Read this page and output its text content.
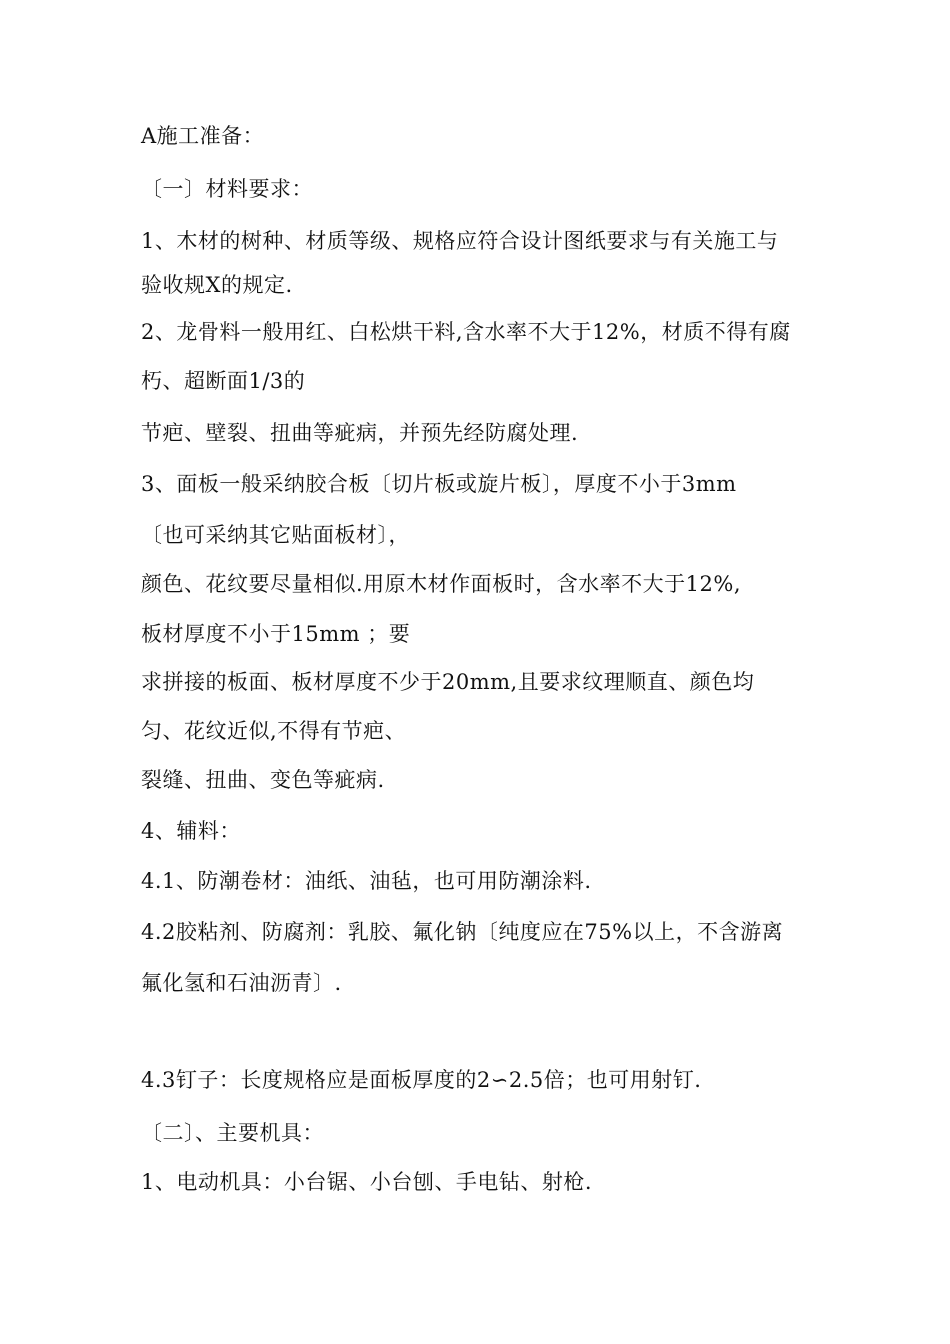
A施工准备：
〔一〕材料要求：
1、木材的树种、材质等级、规格应符合设计图纸要求与有关施工与
验收规X的规定.
2、龙骨料一般用红、白松烘干料,含水率不大于12%，材质不得有腐
朽、超断面1/3的
节疤、壁裂、扭曲等疵病，并预先经防腐处理.
3、面板一般采纳胶合板〔切片板或旋片板〕，厚度不小于3mm
〔也可采纳其它贴面板材〕，
颜色、花纹要尽量相似.用原木材作面板时，含水率不大于12%,
板材厚度不小于15mm ；要
求拼接的板面、板材厚度不少于20mm,且要求纹理顺直、颜色均
匀、花纹近似,不得有节疤、
裂缝、扭曲、变色等疵病.
4、辅料：
4.1、防潮卷材：油纸、油毡，也可用防潮涂料.
4.2胶粘剂、防腐剂：乳胶、氟化钠〔纯度应在75%以上，不含游离
氟化氢和石油沥青〕.
4.3钉子：长度规格应是面板厚度的2∽2.5倍；也可用射钉.
〔二〕、主要机具：
1、电动机具：小台锯、小台刨、手电钻、射枪.
